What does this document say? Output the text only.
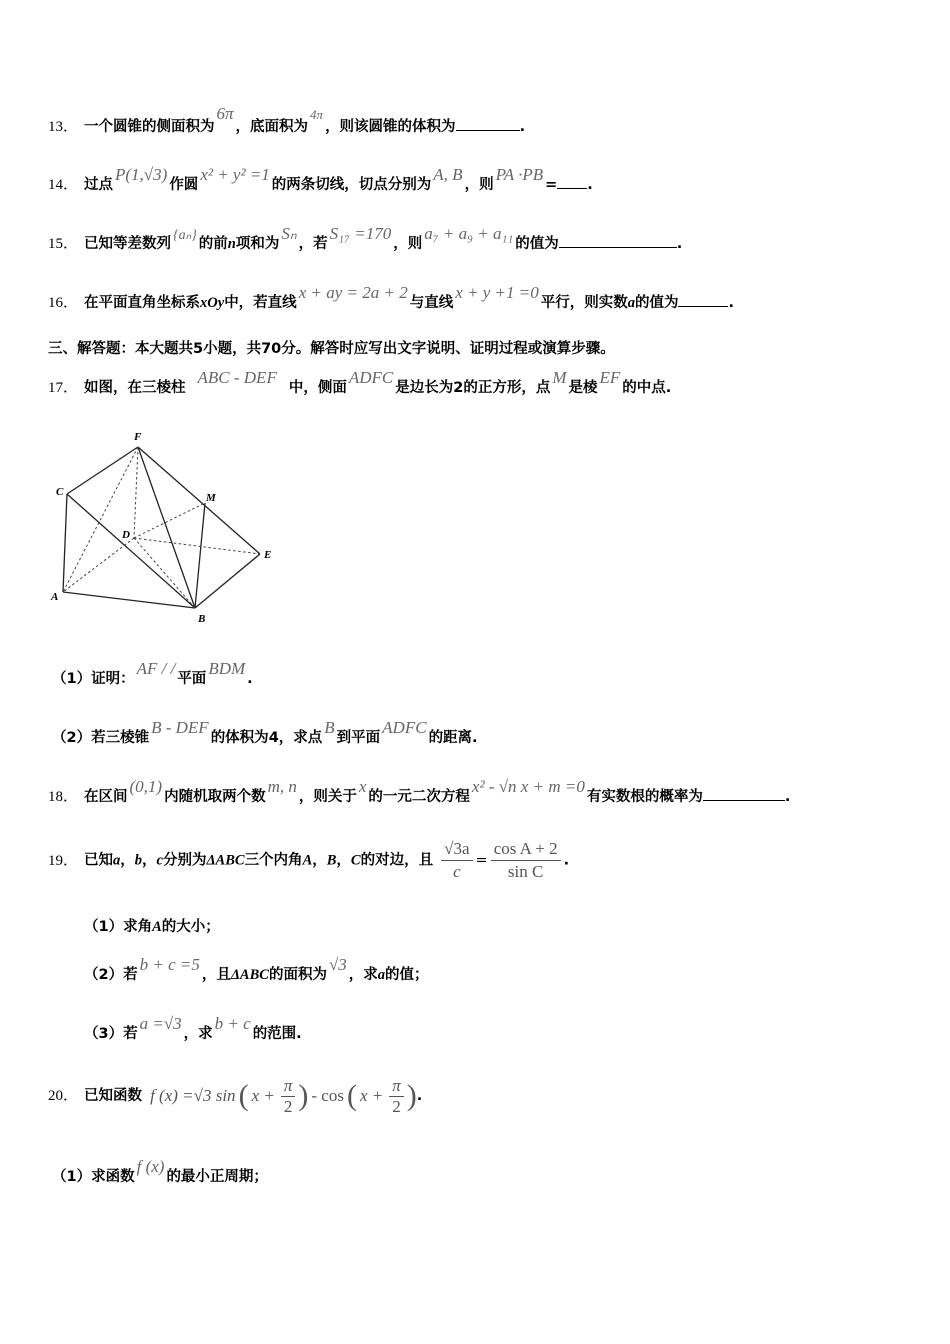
13． 一个圆锥的侧面积为6π，底面积为4π，则该圆锥的体积为	.
14． 过点P(1,√3)作圆x² + y² =1的两条切线，切点分别为A, B，则PA ·PB= .
15． 已知等差数列{aₙ}的前n项和为Sₙ，若S₁₇ =170，则a₇ + a₉ + a₁₁的值为	.
16． 在平面直角坐标系xOy中，若直线x + ay = 2a + 2与直线x + y +1 =0平行，则实数a的值为	.
三、解答题：本大题共5小题，共70分。解答时应写出文字说明、证明过程或演算步骤。
17． 如图，在三棱柱ABC - DEF中，侧面ADFC是边长为2的正方形，点M是棱EF的中点.
F
C	M
D
E
A
B
（1）证明：AF / /平面BDM.
（2）若三棱锥B - DEF的体积为4，求点B到平面ADFC的距离.
18． 在区间(0,1)内随机取两个数m, n，则关于x的一元二次方程x² - √n x + m =0有实数根的概率为	.
19． 已知a，b，c分别为ΔABC三个内角A，B，C的对边，且 $\frac{√3a}{c} = \frac{\text{cos A + 2}}{\text{sin C}}$ .
（1）求角A的大小；
（2）若b + c =5，且ΔABC的面积为√3，求a的值；
（3）若a =√3，求b + c的范围.
20． 已知函数 f (x) =√3 sin ( $x + \frac{\pi}{2}$ ) - cos ( $x + \frac{\pi}{2}$ ).
（1）求函数f (x)的最小正周期；
